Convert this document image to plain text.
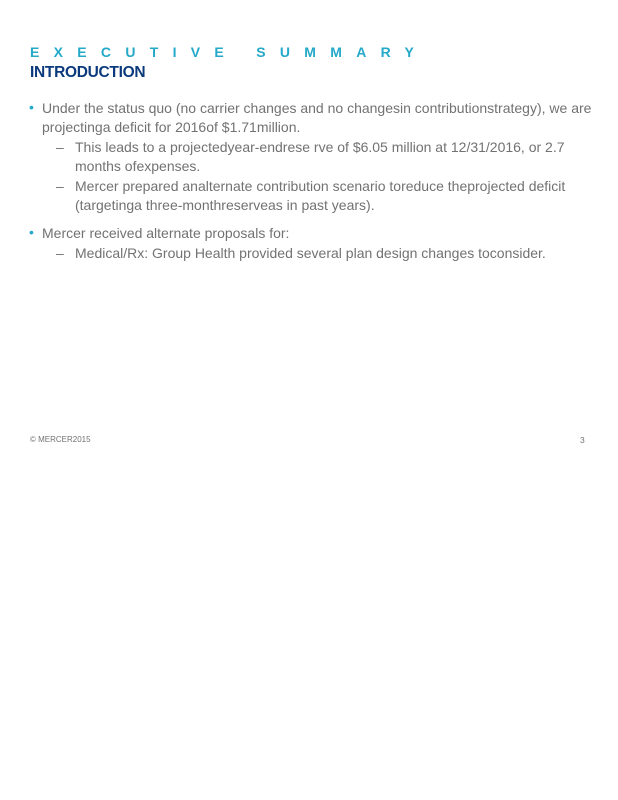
EXECUTIVE SUMMARY
INTRODUCTION
• Under the status quo (no carrier changes and no changesin contributionstrategy), we are projectinga deficit for 2016of $1.71million.
– This leads to a projectedyear-endrese rve of $6.05 million at 12/31/2016, or 2.7 months ofexpenses.
– Mercer prepared analternate contribution scenario toreduce theprojected deficit (targetinga three-monthreserveas in past years).
• Mercer received alternate proposals for:
– Medical/Rx: Group Health provided several plan design changes toconsider.
© MERCER2015	3
